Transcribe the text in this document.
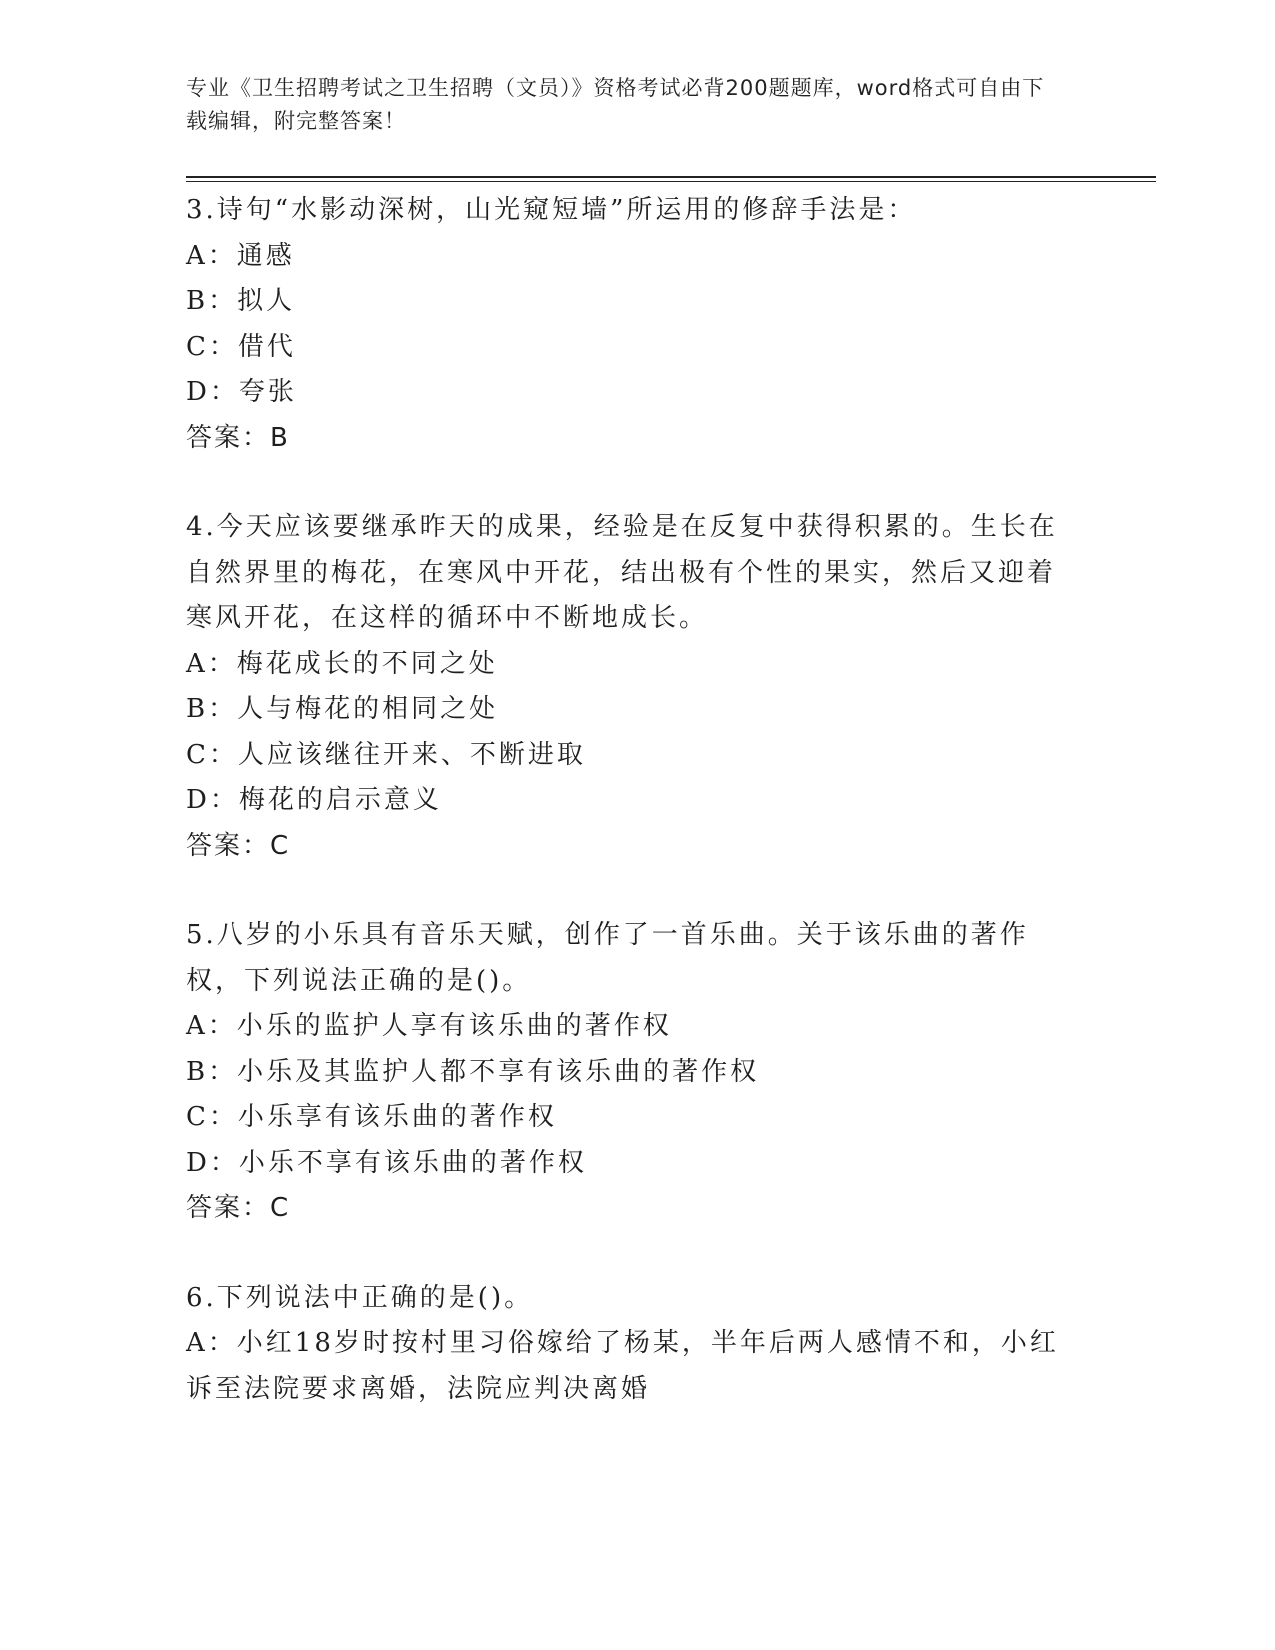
专业《卫生招聘考试之卫生招聘（文员）》资格考试必背200题题库，word格式可自由下载编辑，附完整答案！

3.诗句“水影动深树，山光窥短墙”所运用的修辞手法是：

A：通感

B：拟人

C：借代

D：夸张

答案：B

4.今天应该要继承昨天的成果，经验是在反复中获得积累的。生长在自然界里的梅花，在寒风中开花，结出极有个性的果实，然后又迎着寒风开花，在这样的循环中不断地成长。

A：梅花成长的不同之处

B：人与梅花的相同之处

C：人应该继往开来、不断进取

D：梅花的启示意义

答案：C

5.八岁的小乐具有音乐天赋，创作了一首乐曲。关于该乐曲的著作权，下列说法正确的是()。

A：小乐的监护人享有该乐曲的著作权

B：小乐及其监护人都不享有该乐曲的著作权

C：小乐享有该乐曲的著作权

D：小乐不享有该乐曲的著作权

答案：C

6.下列说法中正确的是()。

A：小红18岁时按村里习俗嫁给了杨某，半年后两人感情不和，小红诉至法院要求离婚，法院应判决离婚
